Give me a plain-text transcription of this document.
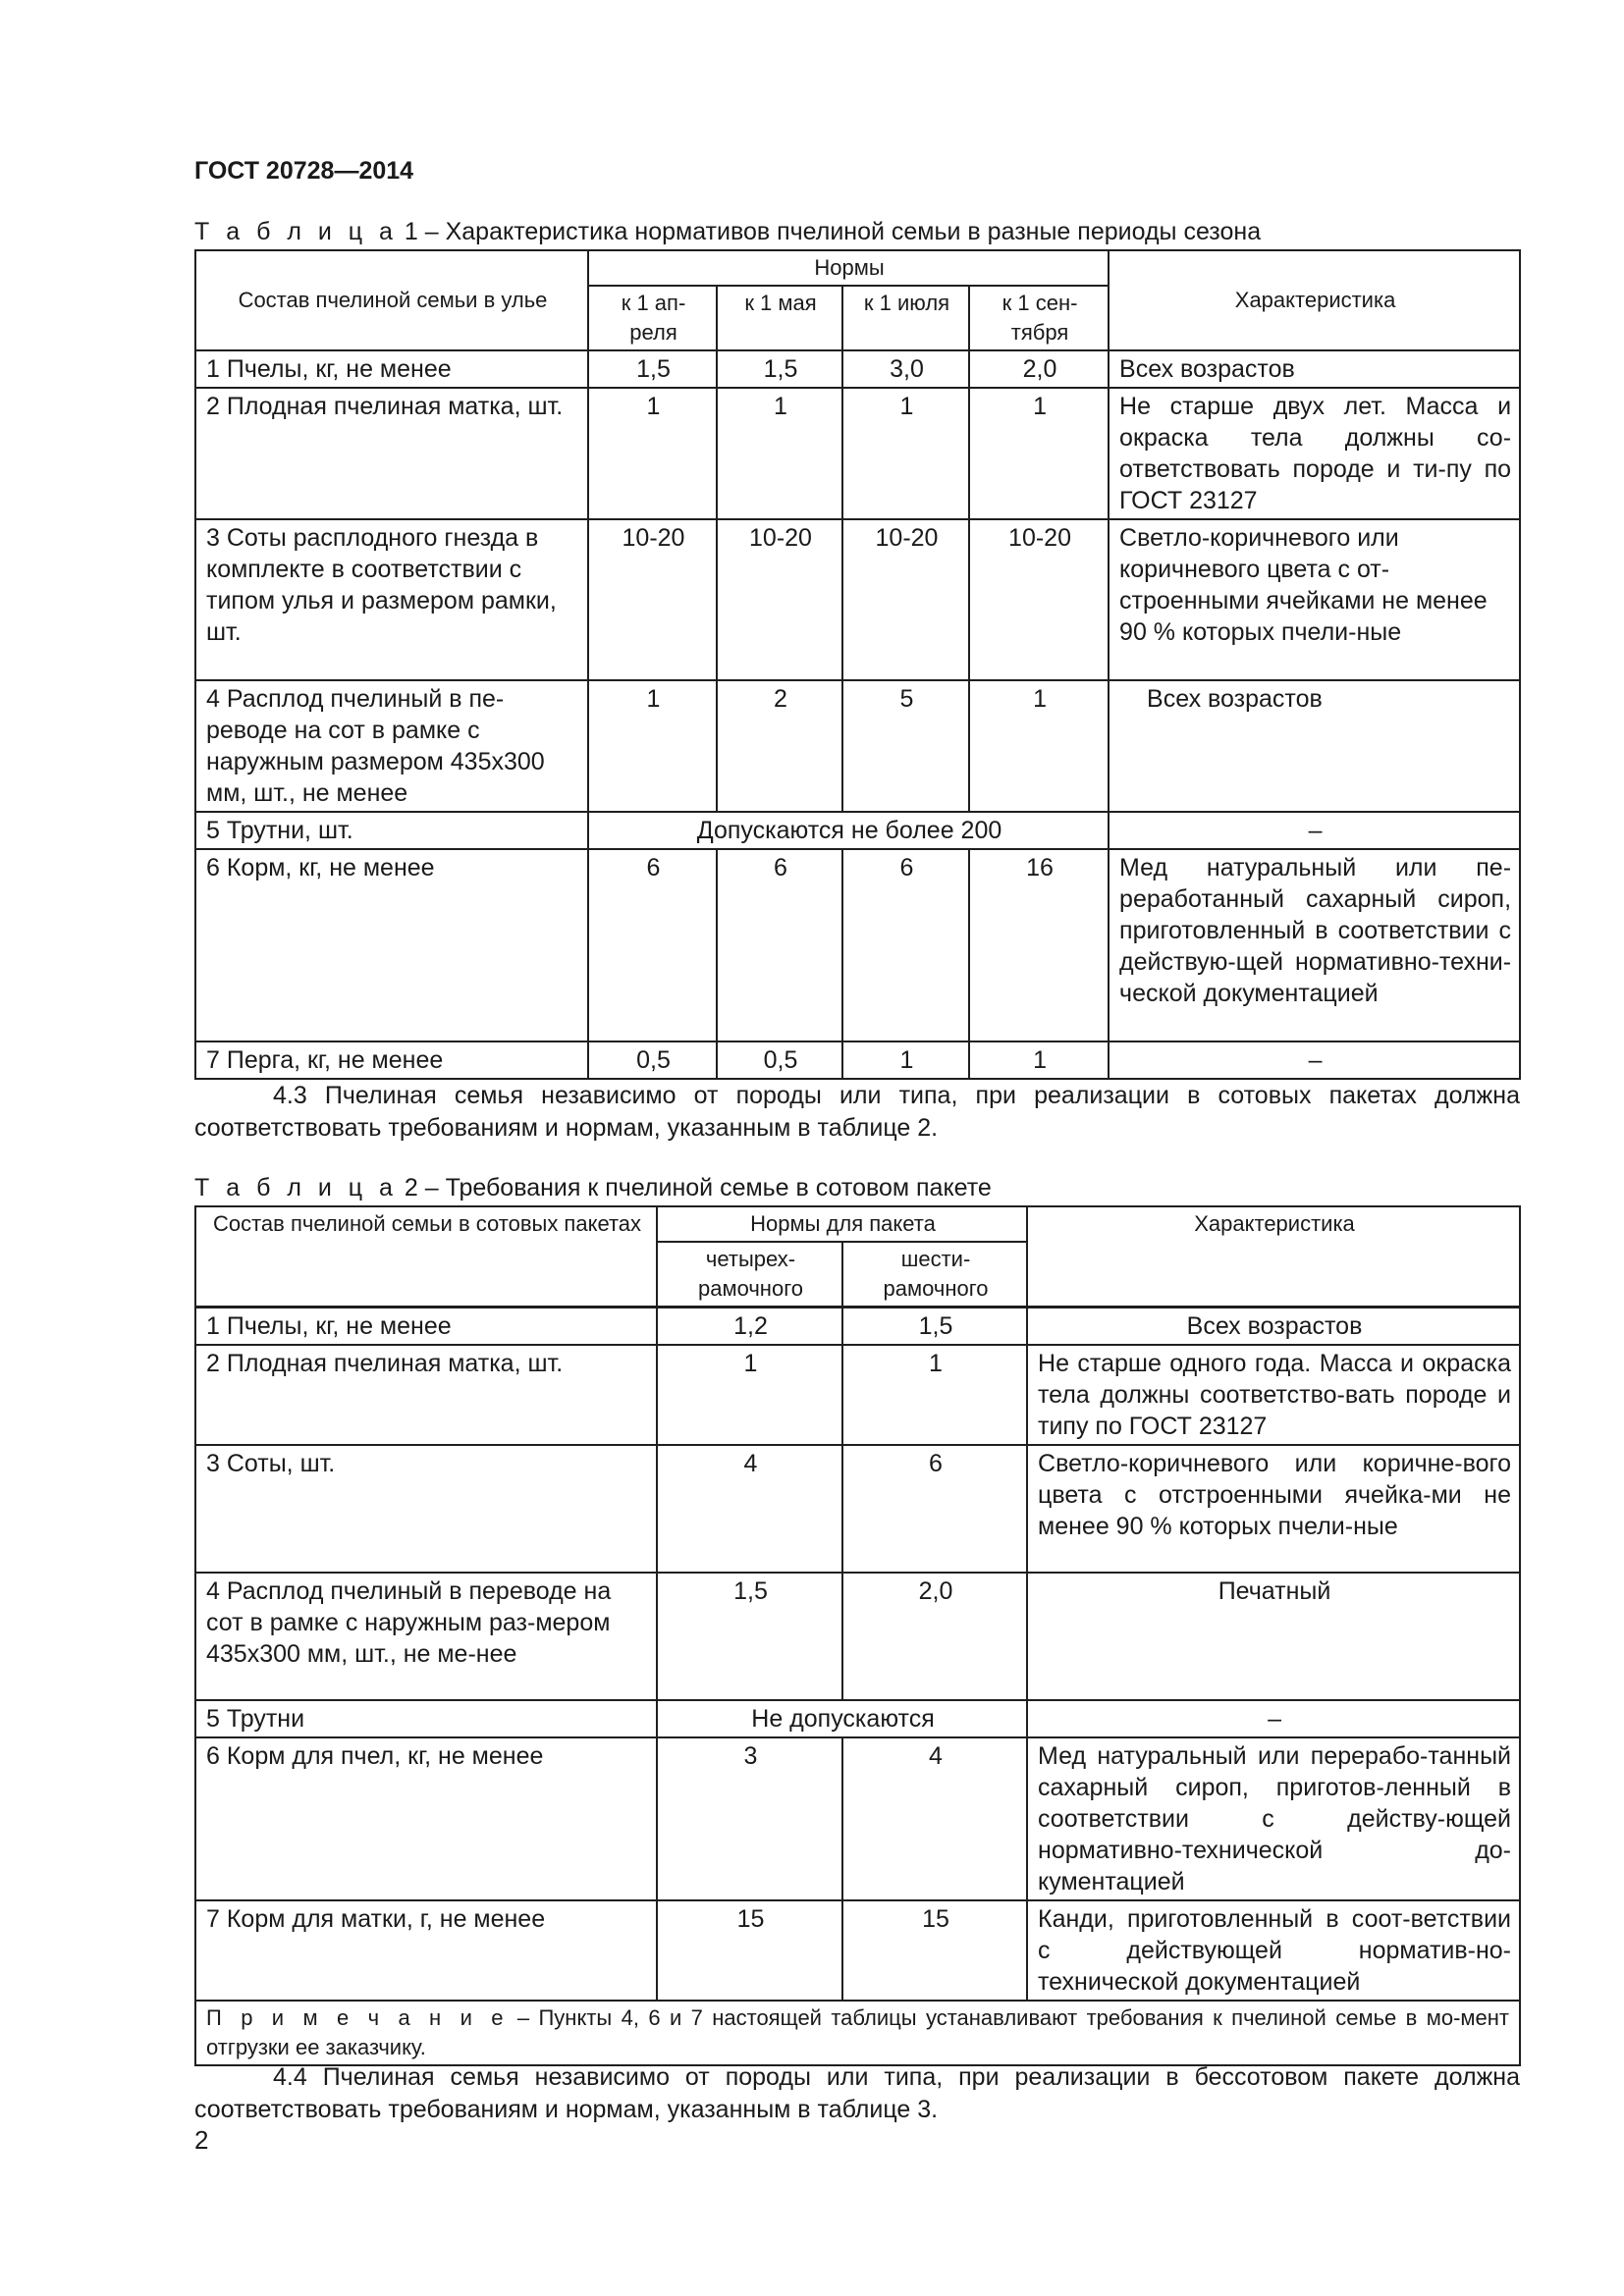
ГОСТ 20728—2014
Т а б л и ц а 1 – Характеристика нормативов пчелиной семьи в разные периоды сезона
Состав пчелиной семьи в улье	Нормы				Характеристика
	к 1 ап-реля	к 1 мая	к 1 июля	к 1 сен-тября	
1 Пчелы, кг, не менее	1,5	1,5	3,0	2,0	Всех возрастов
2 Плодная пчелиная матка, шт.	1	1	1	1	Не старше двух лет. Масса и окраска тела должны со-ответствовать породе и ти-пу по ГОСТ 23127
3 Соты расплодного гнезда в комплекте в соответствии с типом улья и размером рамки, шт.	10-20	10-20	10-20	10-20	Светло-коричневого или коричневого цвета с от-строенными ячейками не менее 90 % которых пчели-ные
4 Расплод пчелиный в пе-реводе на сот в рамке с наружным размером 435x300 мм, шт., не менее	1	2	5	1	Всех возрастов
5 Трутни, шт.	Допускаются не более 200				–
6 Корм, кг, не менее	6	6	6	16	Мед натуральный или пе-реработанный сахарный сироп, приготовленный в соответствии с действую-щей нормативно-техни-ческой документацией
7 Перга, кг, не менее	0,5	0,5	1	1	–
4.3 Пчелиная семья независимо от породы или типа, при реализации в сотовых пакетах должна соответствовать требованиям и нормам, указанным в таблице 2.
Т а б л и ц а 2 – Требования к пчелиной семье в сотовом пакете
Состав пчелиной семьи в сотовых пакетах	Нормы для пакета		Характеристика
	четырех-рамочного	шести-рамочного	
1 Пчелы, кг, не менее	1,2	1,5	Всех возрастов
2 Плодная пчелиная матка, шт.	1	1	Не старше одного года. Масса и окраска тела должны соответство-вать породе и типу по ГОСТ 23127
3 Соты, шт.	4	6	Светло-коричневого или коричне-вого цвета с отстроенными ячейка-ми не менее 90 % которых пчели-ные
4 Расплод пчелиный в переводе на сот в рамке с наружным раз-мером 435x300 мм, шт., не ме-нее	1,5	2,0	Печатный
5 Трутни	Не допускаются		–
6 Корм для пчел, кг, не менее	3	4	Мед натуральный или перерабо-танный сахарный сироп, приготов-ленный в соответствии с действу-ющей нормативно-технической до-кументацией
7 Корм для матки, г, не менее	15	15	Канди, приготовленный в соот-ветствии с действующей норматив-но-технической документацией
П р и м е ч а н и е – Пункты 4, 6 и 7 настоящей таблицы устанавливают требования к пчелиной семье в мо-мент отгрузки ее заказчику.			
4.4 Пчелиная семья независимо от породы или типа, при реализации в бессотовом пакете должна соответствовать требованиям и нормам, указанным в таблице 3.
2
